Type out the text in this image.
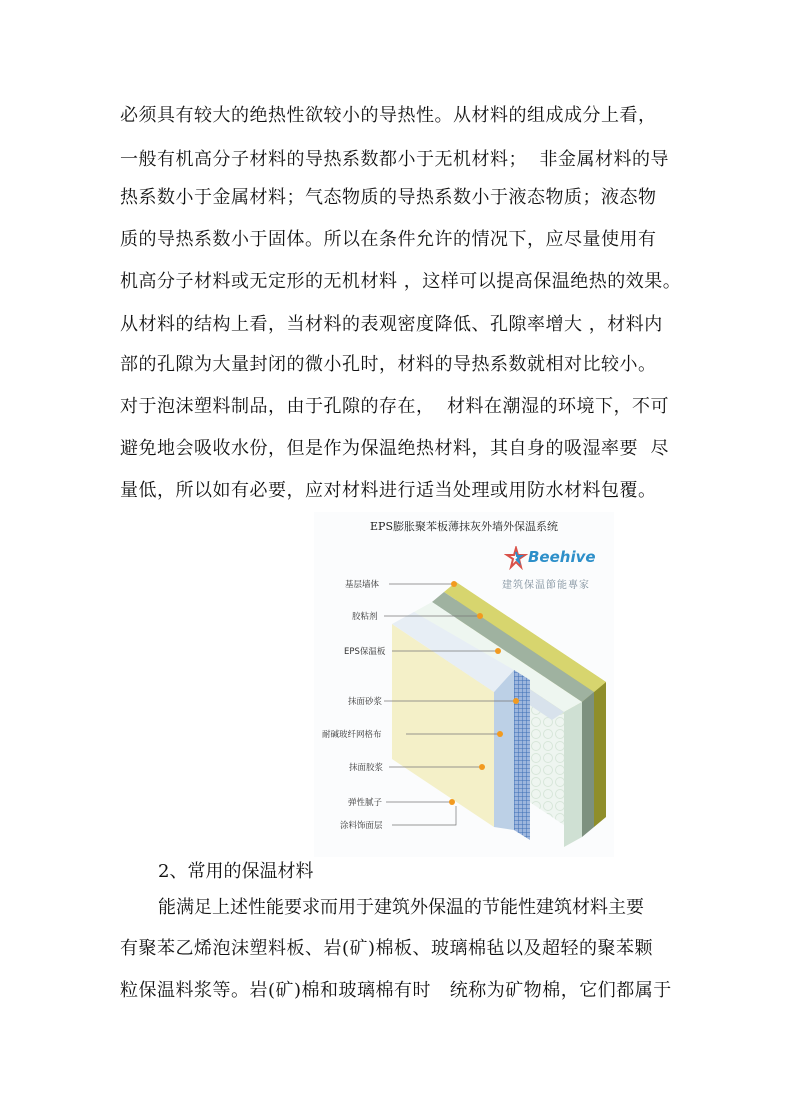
必须具有较大的绝热性欲较小的导热性。从材料的组成成分上看，
一般有机高分子材料的导热系数都小于无机材料；  非金属材料的导
热系数小于金属材料；气态物质的导热系数小于液态物质；液态物
质的导热系数小于固体。所以在条件允许的情况下，应尽量使用有
机高分子材料或无定形的无机材料 ，这样可以提高保温绝热的效果。
从材料的结构上看，当材料的表观密度降低、孔隙率增大 ，材料内
部的孔隙为大量封闭的微小孔时，材料的导热系数就相对比较小。
对于泡沫塑料制品，由于孔隙的存在，  材料在潮湿的环境下，不可
避免地会吸收水份，但是作为保温绝热材料，其自身的吸湿率要  尽
量低，所以如有必要，应对材料进行适当处理或用防水材料包覆。
EPS膨胀聚苯板薄抹灰外墙外保温系统
Beehive
建筑保温節能專家
基层墙体
胶粘剂
EPS保温板
抹面砂浆
耐碱玻纤网格布
抹面胶浆
弹性腻子
涂料饰面层
2、常用的保温材料
能满足上述性能要求而用于建筑外保温的节能性建筑材料主要
有聚苯乙烯泡沫塑料板、岩(矿)棉板、玻璃棉毡以及超轻的聚苯颗
粒保温料浆等。岩(矿)棉和玻璃棉有时   统称为矿物棉，它们都属于
